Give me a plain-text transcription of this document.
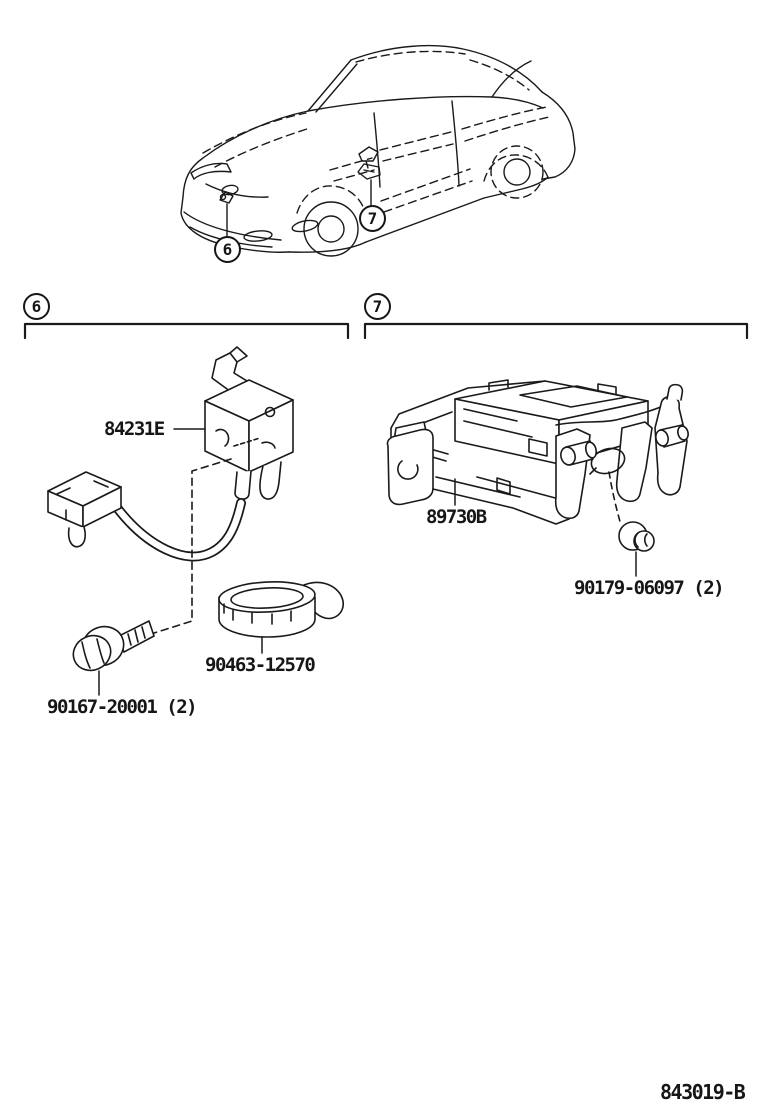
6
7
6	7
84231E
90463-12570
90167-20001 (2)
89730B
90179-06097 (2)
843019-B
